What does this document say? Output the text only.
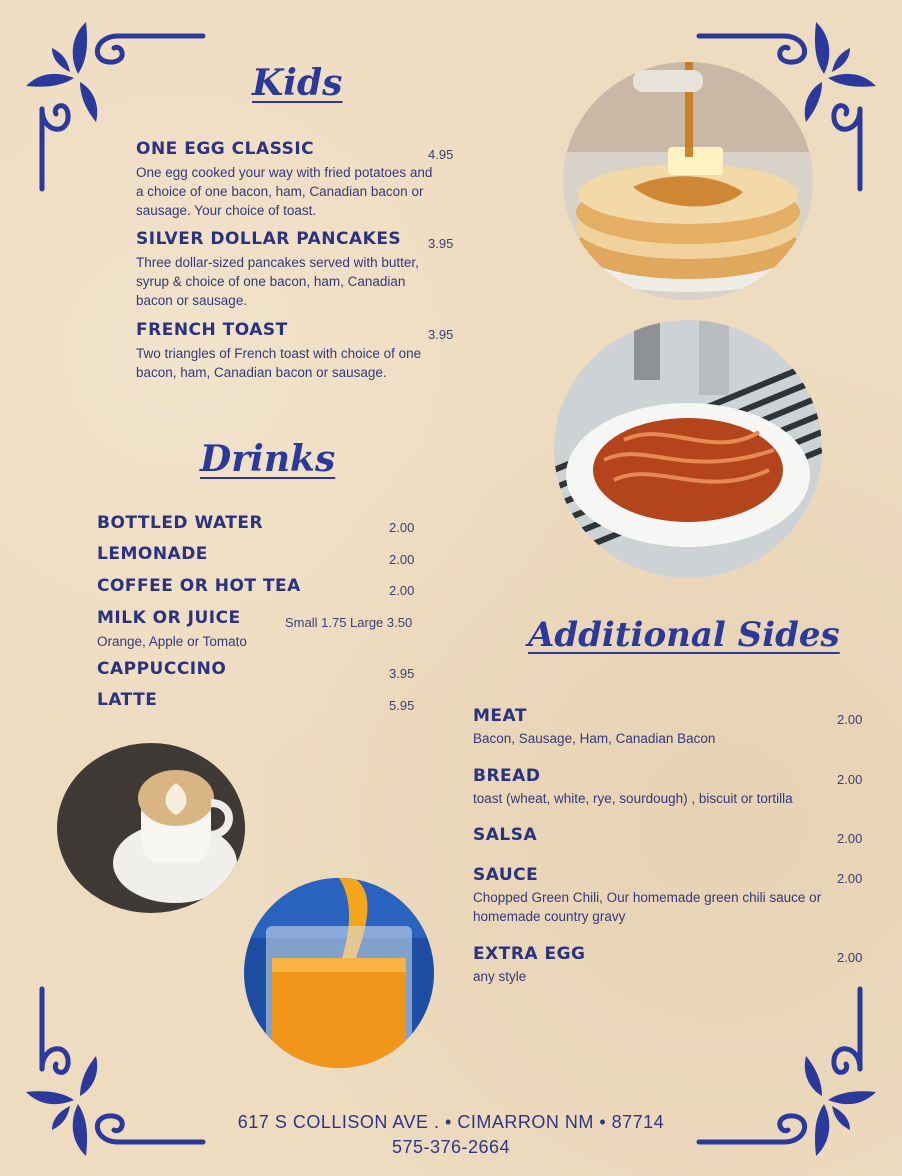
Kids
ONE EGG CLASSIC	4.95
One egg cooked your way with fried potatoes and a choice of one bacon, ham, Canadian bacon or sausage. Your choice of toast.
SILVER DOLLAR PANCAKES 3.95
Three dollar-sized pancakes served with butter, syrup & choice of one bacon, ham, Canadian bacon or sausage.
FRENCH TOAST	3.95
Two triangles of French toast with choice of one bacon, ham, Canadian bacon or sausage.
Drinks
BOTTLED WATER	2.00
LEMONADE	2.00
COFFEE OR HOT TEA	2.00
MILK OR JUICE	Small 1.75 Large 3.50
Orange, Apple or Tomato
CAPPUCCINO	3.95
LATTE	5.95
Additional Sides
MEAT	2.00
Bacon, Sausage, Ham, Canadian Bacon
BREAD	2.00
toast (wheat, white, rye, sourdough) , biscuit or tortilla
SALSA	2.00
SAUCE	2.00
Chopped Green Chili, Our homemade green chili sauce or homemade country gravy
EXTRA EGG	2.00
any style
617 S COLLISON AVE . • CIMARRON NM • 87714
575-376-2664
